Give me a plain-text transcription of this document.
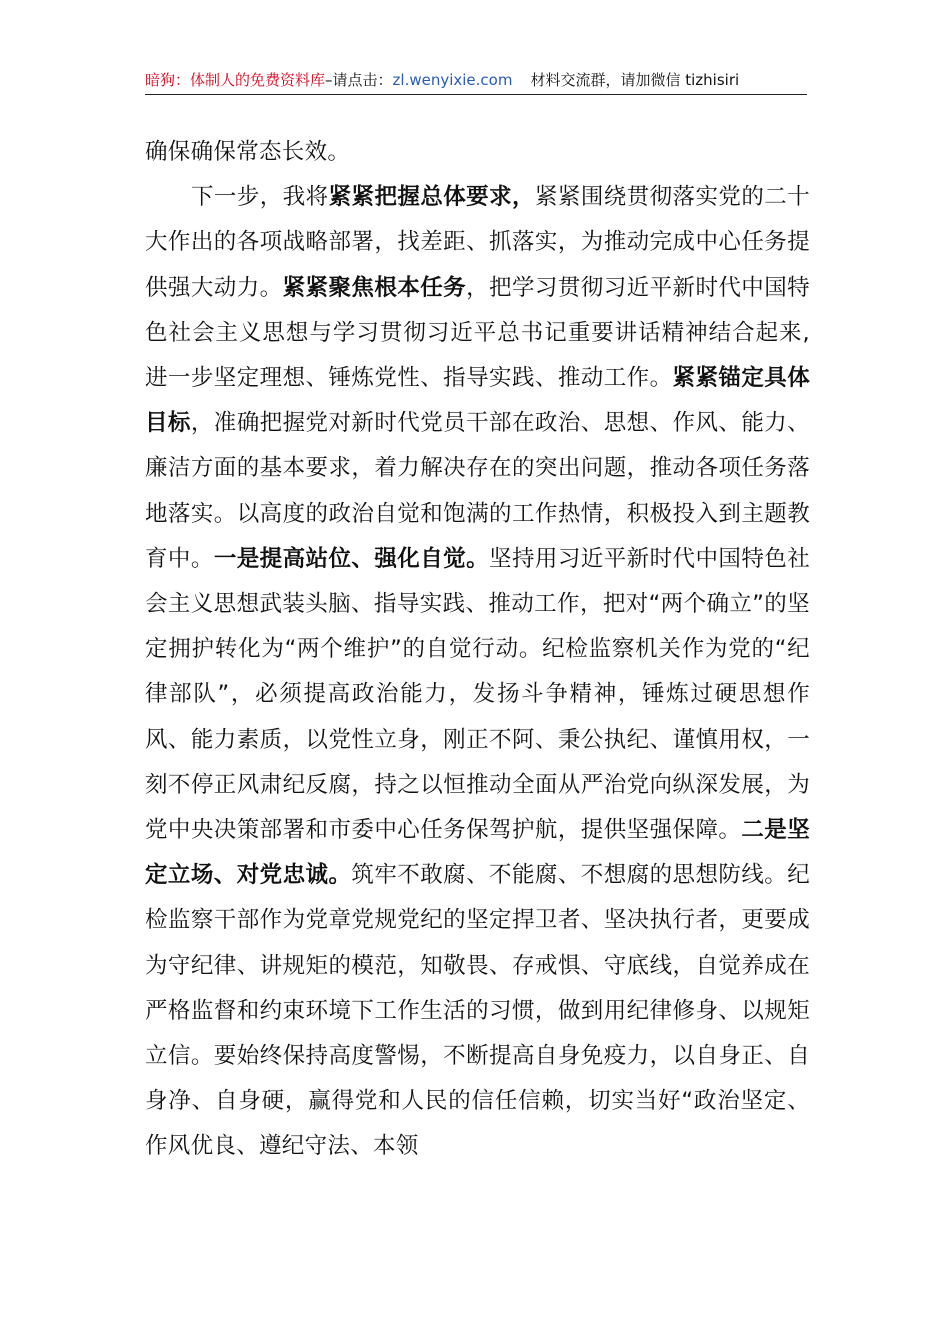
暗狗：体制人的免费资料库–请点击：zl.wenyixie.com 材料交流群，请加微信 tizhisiri

确保确保常态长效。

下一步，我将紧紧把握总体要求，紧紧围绕贯彻落实党的二十大作出的各项战略部署，找差距、抓落实，为推动完成中心任务提供强大动力。紧紧聚焦根本任务，把学习贯彻习近平新时代中国特色社会主义思想与学习贯彻习近平总书记重要讲话精神结合起来,进一步坚定理想、锤炼党性、指导实践、推动工作。紧紧锚定具体目标，准确把握党对新时代党员干部在政治、思想、作风、能力、廉洁方面的基本要求，着力解决存在的突出问题，推动各项任务落地落实。以高度的政治自觉和饱满的工作热情，积极投入到主题教育中。一是提高站位、强化自觉。坚持用习近平新时代中国特色社会主义思想武装头脑、指导实践、推动工作，把对“两个确立”的坚定拥护转化为“两个维护”的自觉行动。纪检监察机关作为党的“纪律部队”，必须提高政治能力，发扬斗争精神，锤炼过硬思想作风、能力素质，以党性立身，刚正不阿、秉公执纪、谨慎用权，一刻不停正风肃纪反腐，持之以恒推动全面从严治党向纵深发展，为党中央决策部署和市委中心任务保驾护航，提供坚强保障。二是坚定立场、对党忠诚。筑牢不敢腐、不能腐、不想腐的思想防线。纪检监察干部作为党章党规党纪的坚定捍卫者、坚决执行者，更要成为守纪律、讲规矩的模范，知敬畏、存戒惧、守底线，自觉养成在严格监督和约束环境下工作生活的习惯，做到用纪律修身、以规矩立信。要始终保持高度警惕，不断提高自身免疫力，以自身正、自身净、自身硬，赢得党和人民的信任信赖，切实当好“政治坚定、作风优良、遵纪守法、本领
